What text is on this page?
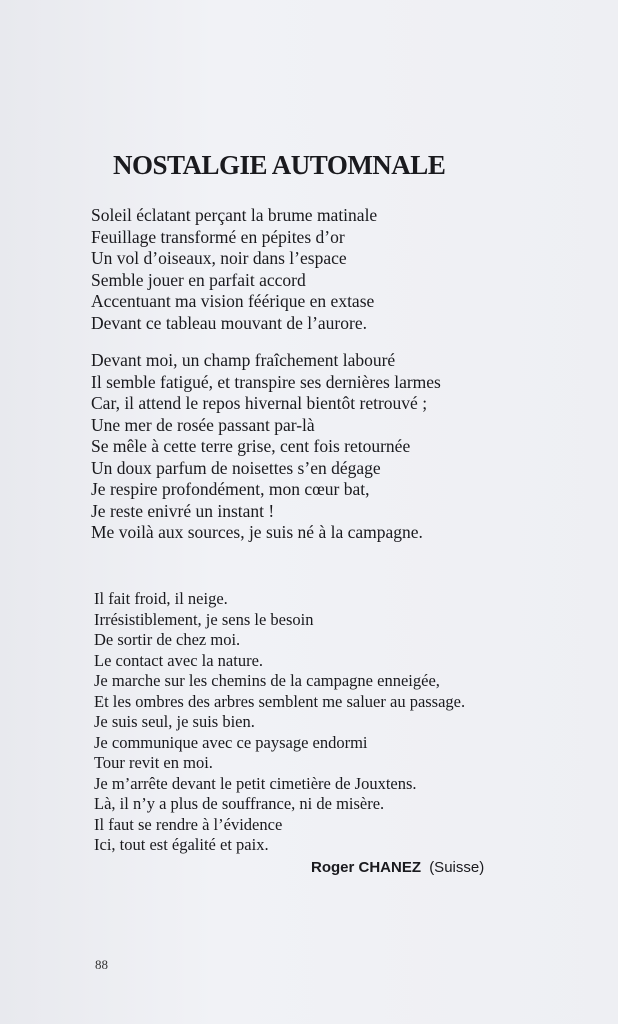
NOSTALGIE AUTOMNALE
Soleil éclatant perçant la brume matinale
Feuillage transformé en pépites d’or
Un vol d’oiseaux, noir dans l’espace
Semble jouer en parfait accord
Accentuant ma vision féérique en extase
Devant ce tableau mouvant de l’aurore.
Devant moi, un champ fraîchement labouré
Il semble fatigué, et transpire ses dernières larmes
Car, il attend le repos hivernal bientôt retrouvé ;
Une mer de rosée passant par-là
Se mêle à cette terre grise, cent fois retournée
Un doux parfum de noisettes s’en dégage
Je respire profondément, mon cœur bat,
Je reste enivré un instant !
Me voilà aux sources, je suis né à la campagne.
Il fait froid, il neige.
Irrésistiblement, je sens le besoin
De sortir de chez moi.
Le contact avec la nature.
Je marche sur les chemins de la campagne enneigée,
Et les ombres des arbres semblent me saluer au passage.
Je suis seul, je suis bien.
Je communique avec ce paysage endormi
Tour revit en moi.
Je m’arrête devant le petit cimetière de Jouxtens.
Là, il n’y a plus de souffrance, ni de misère.
Il faut se rendre à l’évidence
Ici, tout est égalité et paix.
Roger CHANEZ (Suisse)
88
